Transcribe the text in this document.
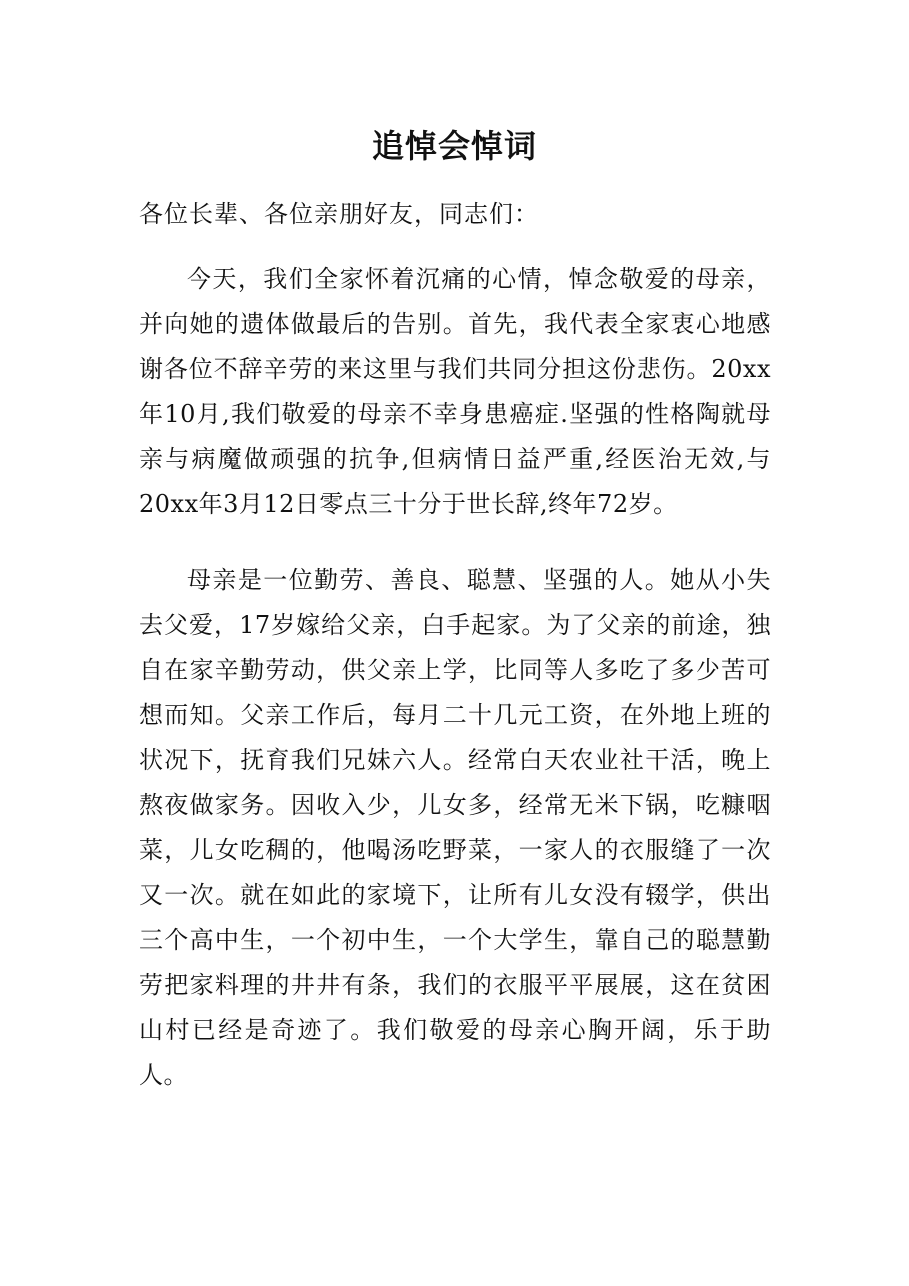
追悼会悼词
各位长辈、各位亲朋好友，同志们：

今天，我们全家怀着沉痛的心情，悼念敬爱的母亲，并向她的遗体做最后的告别。首先，我代表全家衷心地感谢各位不辞辛劳的来这里与我们共同分担这份悲伤。20xx年10月,我们敬爱的母亲不幸身患癌症.坚强的性格陶就母亲与病魔做顽强的抗争,但病情日益严重,经医治无效,与20xx年3月12日零点三十分于世长辞,终年72岁。

母亲是一位勤劳、善良、聪慧、坚强的人。她从小失去父爱，17岁嫁给父亲，白手起家。为了父亲的前途，独自在家辛勤劳动，供父亲上学，比同等人多吃了多少苦可想而知。父亲工作后，每月二十几元工资，在外地上班的状况下，抚育我们兄妹六人。经常白天农业社干活，晚上熬夜做家务。因收入少，儿女多，经常无米下锅，吃糠咽菜，儿女吃稠的，他喝汤吃野菜，一家人的衣服缝了一次又一次。就在如此的家境下，让所有儿女没有辍学，供出三个高中生，一个初中生，一个大学生，靠自己的聪慧勤劳把家料理的井井有条，我们的衣服平平展展，这在贫困山村已经是奇迹了。我们敬爱的母亲心胸开阔，乐于助人。
